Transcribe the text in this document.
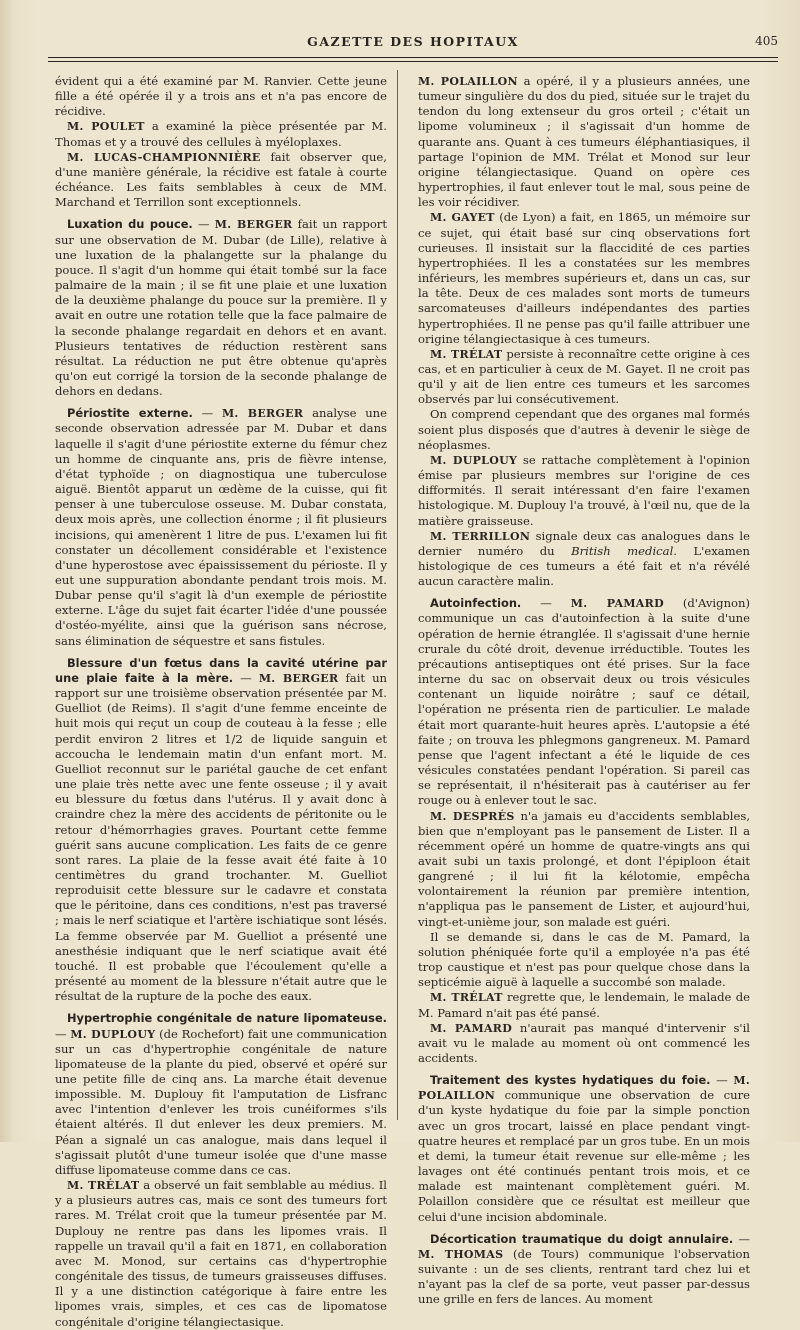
GAZETTE DES HOPITAUX	405

évident qui a été examiné par M. Ranvier. Cette jeune fille a été opérée il y a trois ans et n'a pas encore de récidive.

M. POULET a examiné la pièce présentée par M. Thomas et y a trouvé des cellules à myéloplaxes.

M. LUCAS-CHAMPIONNIÈRE fait observer que, d'une manière générale, la récidive est fatale à courte échéance. Les faits semblables à ceux de MM. Marchand et Terrillon sont exceptionnels.

Luxation du pouce. — M. BERGER fait un rapport sur une observation de M. Dubar (de Lille), relative à une luxation de la phalangette sur la phalange du pouce. Il s'agit d'un homme qui était tombé sur la face palmaire de la main ; il se fit une plaie et une luxation de la deuxième phalange du pouce sur la première. Il y avait en outre une rotation telle que la face palmaire de la seconde phalange regardait en dehors et en avant. Plusieurs tentatives de réduction restèrent sans résultat. La réduction ne put être obtenue qu'après qu'on eut corrigé la torsion de la seconde phalange de dehors en dedans.

Périostite externe. — M. BERGER analyse une seconde observation adressée par M. Dubar et dans laquelle il s'agit d'une périostite externe du fémur chez un homme de cinquante ans, pris de fièvre intense, d'état typhoïde ; on diagnostiqua une tuberculose aiguë. Bientôt apparut un œdème de la cuisse, qui fit penser à une tuberculose osseuse. M. Dubar constata, deux mois après, une collection énorme ; il fit plusieurs incisions, qui amenèrent 1 litre de pus. L'examen lui fit constater un décollement considérable et l'existence d'une hyperostose avec épaississement du périoste. Il y eut une suppuration abondante pendant trois mois. M. Dubar pense qu'il s'agit là d'un exemple de périostite externe. L'âge du sujet fait écarter l'idée d'une poussée d'ostéo-myélite, ainsi que la guérison sans nécrose, sans élimination de séquestre et sans fistules.

Blessure d'un fœtus dans la cavité utérine par une plaie faite à la mère. — M. BERGER fait un rapport sur une troisième observation présentée par M. Guelliot (de Reims). Il s'agit d'une femme enceinte de huit mois qui reçut un coup de couteau à la fesse ; elle perdit environ 2 litres et 1/2 de liquide sanguin et accoucha le lendemain matin d'un enfant mort. M. Guelliot reconnut sur le pariétal gauche de cet enfant une plaie très nette avec une fente osseuse ; il y avait eu blessure du fœtus dans l'utérus. Il y avait donc à craindre chez la mère des accidents de péritonite ou le retour d'hémorrhagies graves. Pourtant cette femme guérit sans aucune complication. Les faits de ce genre sont rares. La plaie de la fesse avait été faite à 10 centimètres du grand trochanter. M. Guelliot reproduisit cette blessure sur le cadavre et constata que le péritoine, dans ces conditions, n'est pas traversé ; mais le nerf sciatique et l'artère ischiatique sont lésés. La femme observée par M. Guelliot a présenté une anesthésie indiquant que le nerf sciatique avait été touché. Il est probable que l'écoulement qu'elle a présenté au moment de la blessure n'était autre que le résultat de la rupture de la poche des eaux.

Hypertrophie congénitale de nature lipomateuse. — M. DUPLOUY (de Rochefort) fait une communication sur un cas d'hypertrophie congénitale de nature lipomateuse de la plante du pied, observé et opéré sur une petite fille de cinq ans. La marche était devenue impossible. M. Duplouy fit l'amputation de Lisfranc avec l'intention d'enlever les trois cunéiformes s'ils étaient altérés. Il dut enlever les deux premiers. M. Péan a signalé un cas analogue, mais dans lequel il s'agissait plutôt d'une tumeur isolée que d'une masse diffuse lipomateuse comme dans ce cas.

M. TRÉLAT a observé un fait semblable au médius. Il y a plusieurs autres cas, mais ce sont des tumeurs fort rares. M. Trélat croit que la tumeur présentée par M. Duplouy ne rentre pas dans les lipomes vrais. Il rappelle un travail qu'il a fait en 1871, en collaboration avec M. Monod, sur certains cas d'hypertrophie congénitale des tissus, de tumeurs graisseuses diffuses. Il y a une distinction catégorique à faire entre les lipomes vrais, simples, et ces cas de lipomatose congénitale d'origine télangiectasique.

M. POLAILLON a opéré, il y a plusieurs années, une tumeur singulière du dos du pied, située sur le trajet du tendon du long extenseur du gros orteil ; c'était un lipome volumineux ; il s'agissait d'un homme de quarante ans. Quant à ces tumeurs éléphantiasiques, il partage l'opinion de MM. Trélat et Monod sur leur origine télangiectasique. Quand on opère ces hypertrophies, il faut enlever tout le mal, sous peine de les voir récidiver.

M. GAYET (de Lyon) a fait, en 1865, un mémoire sur ce sujet, qui était basé sur cinq observations fort curieuses. Il insistait sur la flaccidité de ces parties hypertrophiées. Il les a constatées sur les membres inférieurs, les membres supérieurs et, dans un cas, sur la tête. Deux de ces malades sont morts de tumeurs sarcomateuses d'ailleurs indépendantes des parties hypertrophiées. Il ne pense pas qu'il faille attribuer une origine télangiectasique à ces tumeurs.

M. TRÉLAT persiste à reconnaître cette origine à ces cas, et en particulier à ceux de M. Gayet. Il ne croit pas qu'il y ait de lien entre ces tumeurs et les sarcomes observés par lui consécutivement.

On comprend cependant que des organes mal formés soient plus disposés que d'autres à devenir le siège de néoplasmes.

M. DUPLOUY se rattache complètement à l'opinion émise par plusieurs membres sur l'origine de ces difformités. Il serait intéressant d'en faire l'examen histologique. M. Duplouy l'a trouvé, à l'œil nu, que de la matière graisseuse.

M. TERRILLON signale deux cas analogues dans le dernier numéro du British medical. L'examen histologique de ces tumeurs a été fait et n'a révélé aucun caractère malin.

Autoinfection. — M. PAMARD (d'Avignon) communique un cas d'autoinfection à la suite d'une opération de hernie étranglée. Il s'agissait d'une hernie crurale du côté droit, devenue irréductible. Toutes les précautions antiseptiques ont été prises. Sur la face interne du sac on observait deux ou trois vésicules contenant un liquide noirâtre ; sauf ce détail, l'opération ne présenta rien de particulier. Le malade était mort quarante-huit heures après. L'autopsie a été faite ; on trouva les phlegmons gangreneux. M. Pamard pense que l'agent infectant a été le liquide de ces vésicules constatées pendant l'opération. Si pareil cas se représentait, il n'hésiterait pas à cautériser au fer rouge ou à enlever tout le sac.

M. DESPRÉS n'a jamais eu d'accidents semblables, bien que n'employant pas le pansement de Lister. Il a récemment opéré un homme de quatre-vingts ans qui avait subi un taxis prolongé, et dont l'épiploon était gangrené ; il lui fit la kélotomie, empêcha volontairement la réunion par première intention, n'appliqua pas le pansement de Lister, et aujourd'hui, vingt-et-unième jour, son malade est guéri.

Il se demande si, dans le cas de M. Pamard, la solution phéniquée forte qu'il a employée n'a pas été trop caustique et n'est pas pour quelque chose dans la septicémie aiguë à laquelle a succombé son malade.

M. TRÉLAT regrette que, le lendemain, le malade de M. Pamard n'ait pas été pansé.

M. PAMARD n'aurait pas manqué d'intervenir s'il avait vu le malade au moment où ont commencé les accidents.

Traitement des kystes hydatiques du foie. — M. POLAILLON communique une observation de cure d'un kyste hydatique du foie par la simple ponction avec un gros trocart, laissé en place pendant vingt-quatre heures et remplacé par un gros tube. En un mois et demi, la tumeur était revenue sur elle-même ; les lavages ont été continués pentant trois mois, et ce malade est maintenant complètement guéri. M. Polaillon considère que ce résultat est meilleur que celui d'une incision abdominale.

Décortication traumatique du doigt annulaire. — M. THOMAS (de Tours) communique l'observation suivante : un de ses clients, rentrant tard chez lui et n'ayant pas la clef de sa porte, veut passer par-dessus une grille en fers de lances. Au moment
